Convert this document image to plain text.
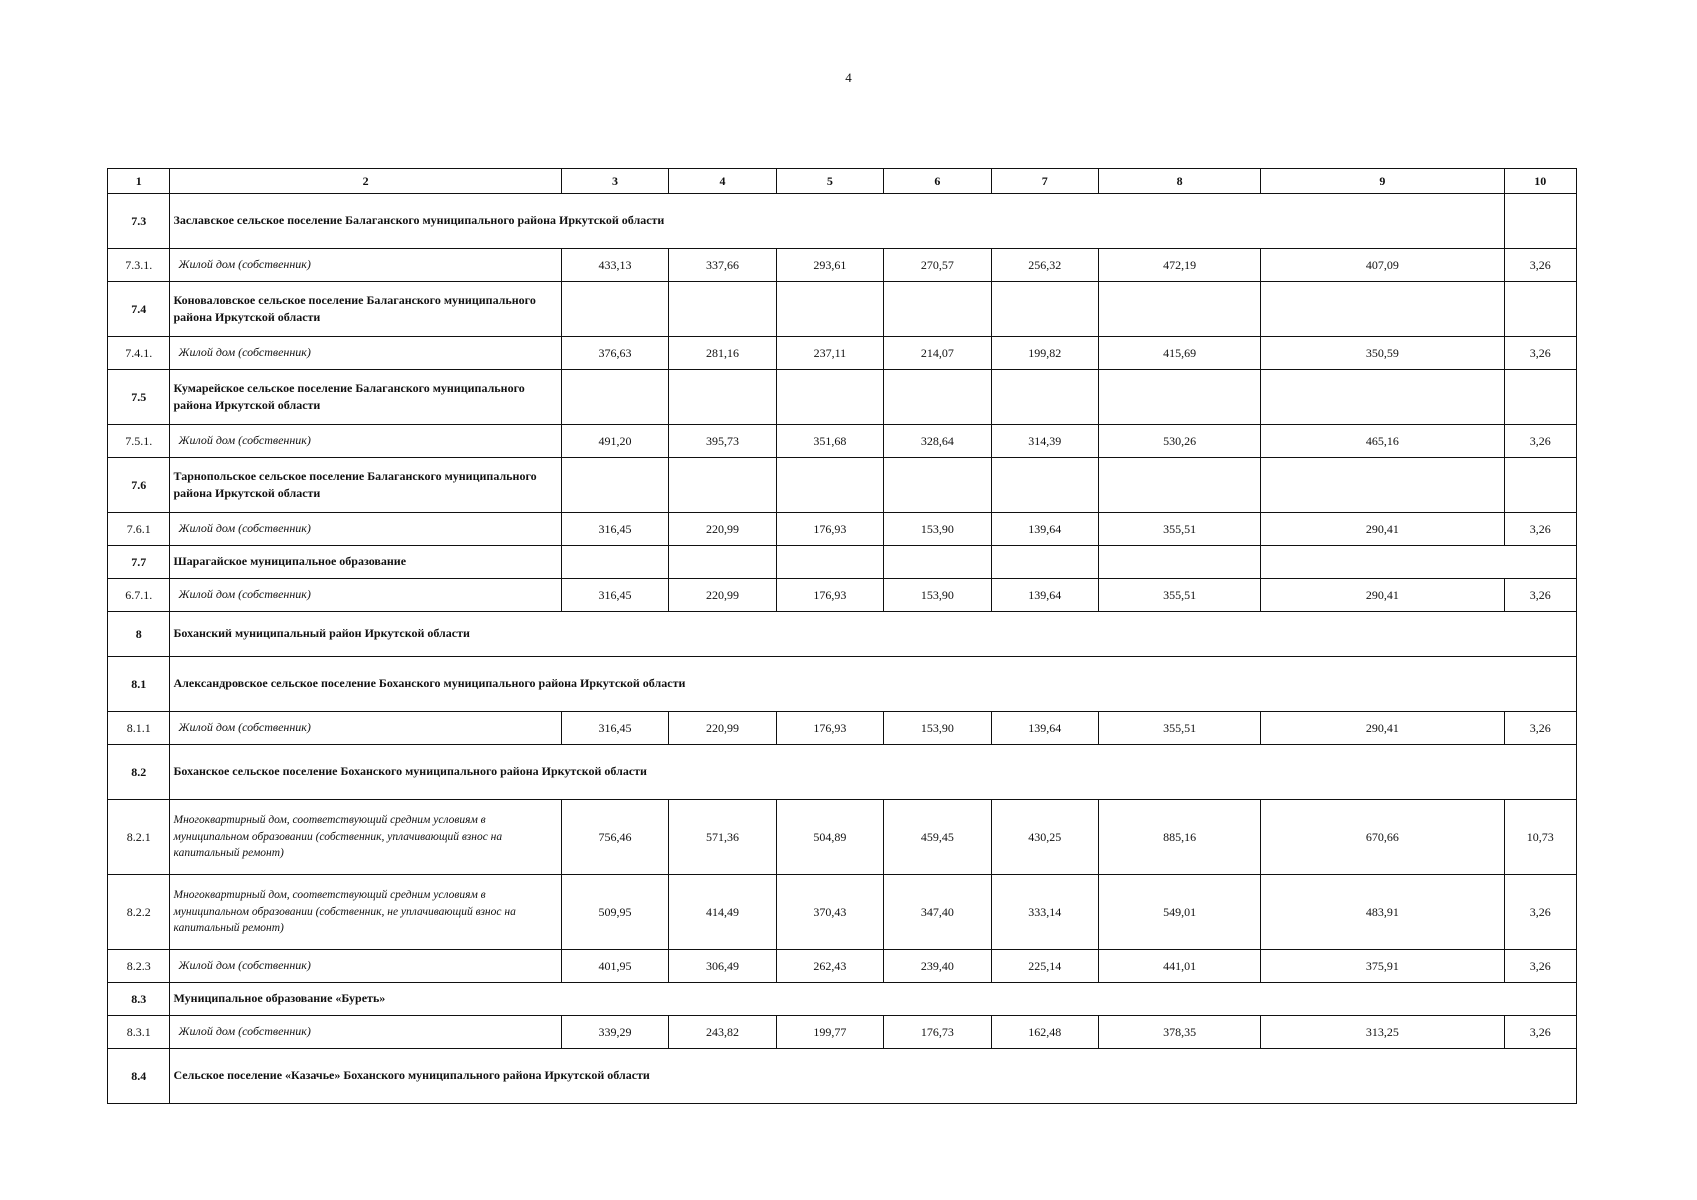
4
1	2	3	4	5	6	7	8	9	10
7.3	Заславское сельское поселение Балаганского муниципального района Иркутской области								
7.3.1.	Жилой дом (собственник)	433,13	337,66	293,61	270,57	256,32	472,19	407,09	3,26
7.4	Коноваловское сельское поселение Балаганского муниципального района Иркутской области								
7.4.1.	Жилой дом (собственник)	376,63	281,16	237,11	214,07	199,82	415,69	350,59	3,26
7.5	Кумарейское сельское поселение Балаганского муниципального района Иркутской области								
7.5.1.	Жилой дом (собственник)	491,20	395,73	351,68	328,64	314,39	530,26	465,16	3,26
7.6	Тарнопольское сельское поселение Балаганского муниципального района Иркутской области								
7.6.1	Жилой дом (собственник)	316,45	220,99	176,93	153,90	139,64	355,51	290,41	3,26
7.7	Шарагайское муниципальное образование								
6.7.1.	Жилой дом (собственник)	316,45	220,99	176,93	153,90	139,64	355,51	290,41	3,26
8	Боханский муниципальный район Иркутской области								
8.1	Александровское сельское поселение Боханского муниципального района Иркутской области								
8.1.1	Жилой дом (собственник)	316,45	220,99	176,93	153,90	139,64	355,51	290,41	3,26
8.2	Боханское сельское поселение Боханского муниципального района Иркутской области								
8.2.1	Многоквартирный дом, соответствующий средним условиям в муниципальном образовании (собственник, уплачивающий взнос на капитальный ремонт)	756,46	571,36	504,89	459,45	430,25	885,16	670,66	10,73
8.2.2	Многоквартирный дом, соответствующий средним условиям в муниципальном образовании (собственник, не уплачивающий взнос на капитальный ремонт)	509,95	414,49	370,43	347,40	333,14	549,01	483,91	3,26
8.2.3	Жилой дом (собственник)	401,95	306,49	262,43	239,40	225,14	441,01	375,91	3,26
8.3	Муниципальное образование «Буреть»								
8.3.1	Жилой дом (собственник)	339,29	243,82	199,77	176,73	162,48	378,35	313,25	3,26
8.4	Сельское поселение «Казачье» Боханского муниципального района Иркутской области								
